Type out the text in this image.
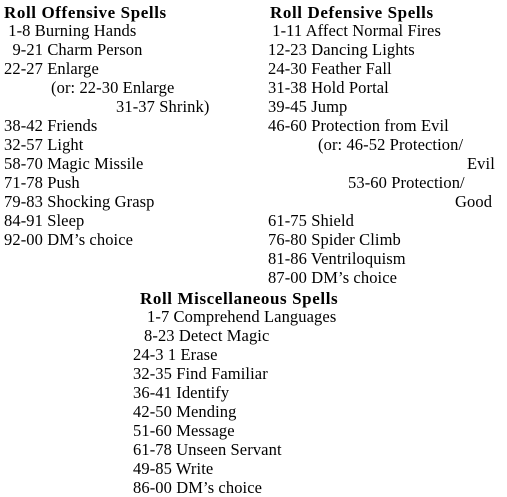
Roll Offensive Spells
1-8 Burning Hands
9-21 Charm Person
22-27 Enlarge
(or: 22-30 Enlarge
31-37 Shrink)
38-42 Friends
32-57 Light
58-70 Magic Missile
71-78 Push
79-83 Shocking Grasp
84-91 Sleep
92-00 DM’s choice
Roll Defensive Spells
1-11 Affect Normal Fires
12-23 Dancing Lights
24-30 Feather Fall
31-38 Hold Portal
39-45 Jump
46-60 Protection from Evil
(or: 46-52 Protection/
Evil
53-60 Protection/
Good
61-75 Shield
76-80 Spider Climb
81-86 Ventriloquism
87-00 DM’s choice
Roll Miscellaneous Spells
1-7 Comprehend Languages
8-23 Detect Magic
24-3 1 Erase
32-35 Find Familiar
36-41 Identify
42-50 Mending
51-60 Message
61-78 Unseen Servant
49-85 Write
86-00 DM’s choice
